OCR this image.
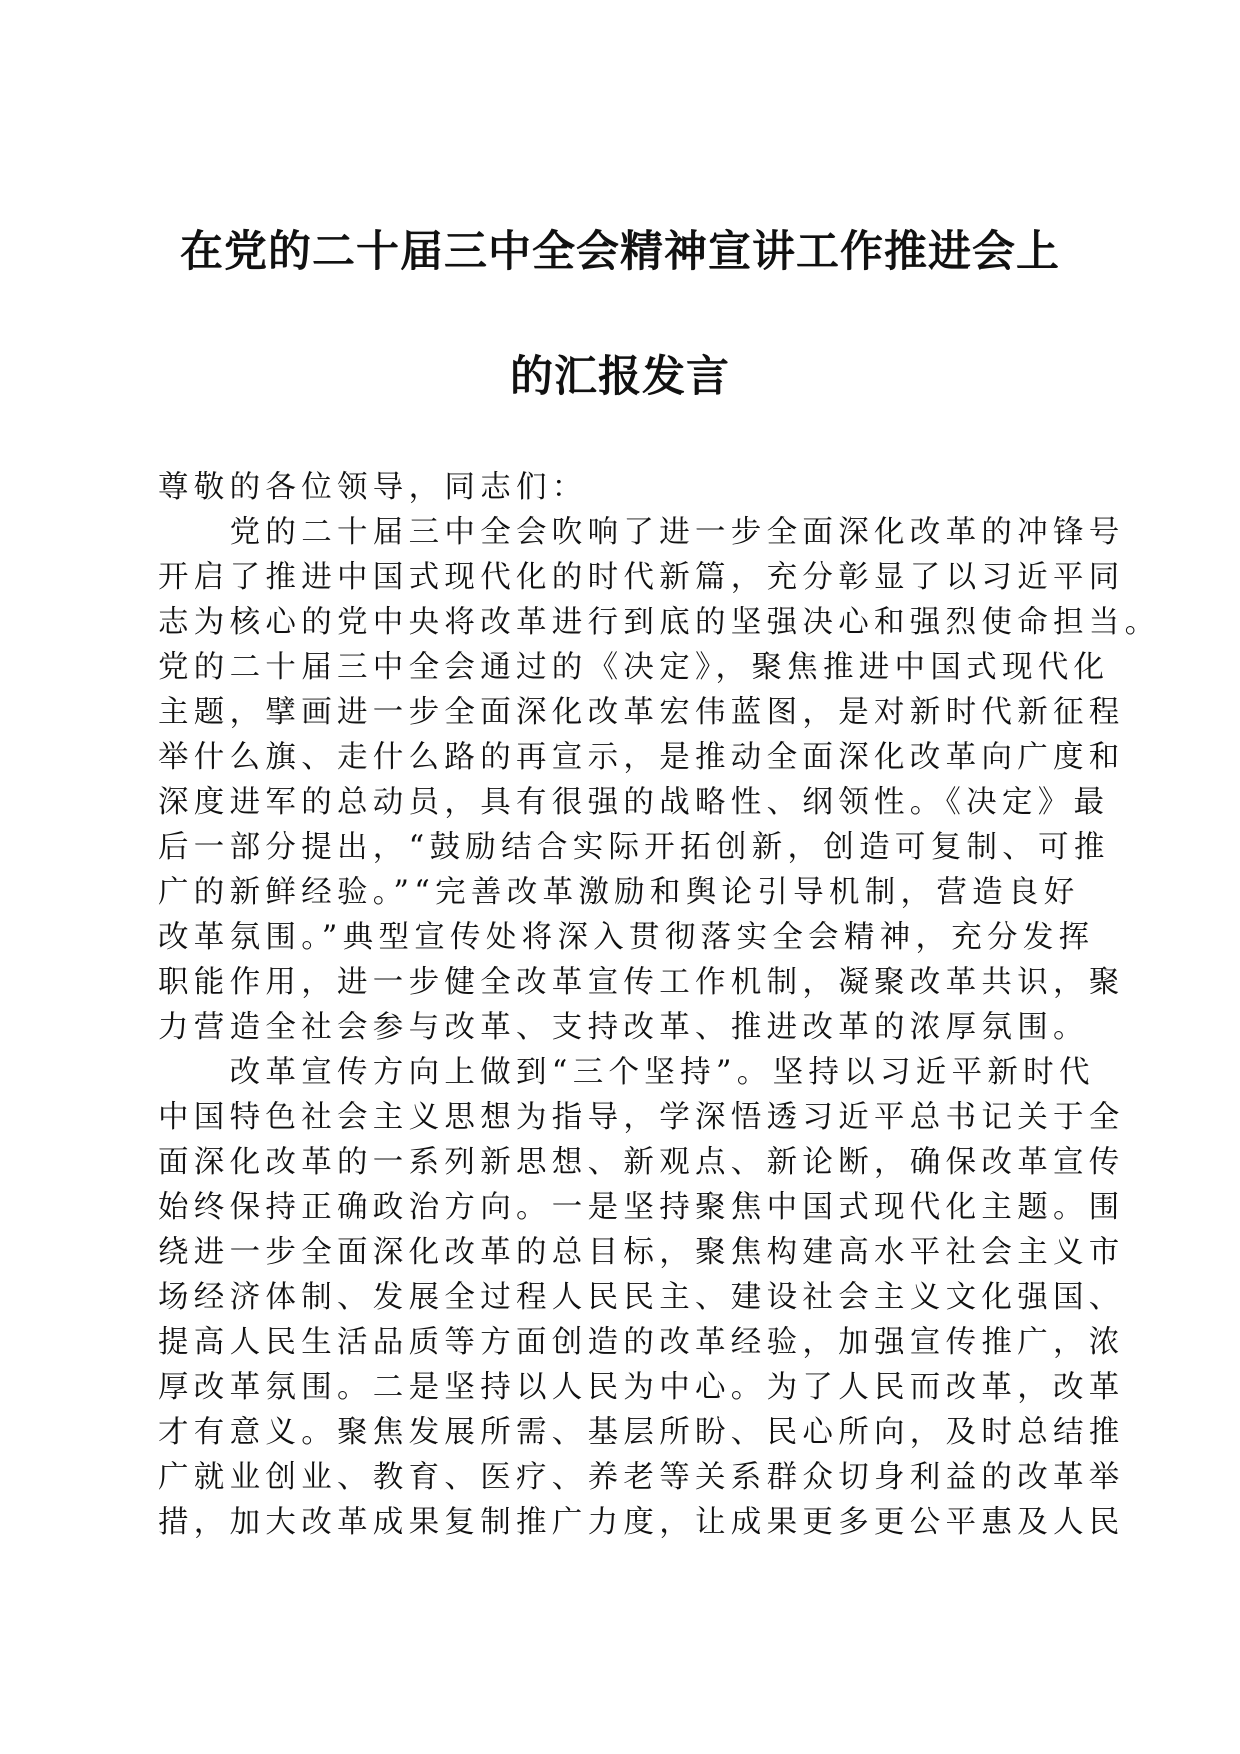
在党的二十届三中全会精神宣讲工作推进会上
的汇报发言
尊敬的各位领导，同志们：
　　党的二十届三中全会吹响了进一步全面深化改革的冲锋号
开启了推进中国式现代化的时代新篇，充分彰显了以习近平同
志为核心的党中央将改革进行到底的坚强决心和强烈使命担当。
党的二十届三中全会通过的《决定》，聚焦推进中国式现代化
主题，擘画进一步全面深化改革宏伟蓝图，是对新时代新征程
举什么旗、走什么路的再宣示，是推动全面深化改革向广度和
深度进军的总动员，具有很强的战略性、纲领性。《决定》最
后一部分提出，“鼓励结合实际开拓创新，创造可复制、可推
广的新鲜经验。”“完善改革激励和舆论引导机制，营造良好
改革氛围。”典型宣传处将深入贯彻落实全会精神，充分发挥
职能作用，进一步健全改革宣传工作机制，凝聚改革共识，聚
力营造全社会参与改革、支持改革、推进改革的浓厚氛围。
　　改革宣传方向上做到“三个坚持”。坚持以习近平新时代
中国特色社会主义思想为指导，学深悟透习近平总书记关于全
面深化改革的一系列新思想、新观点、新论断，确保改革宣传
始终保持正确政治方向。一是坚持聚焦中国式现代化主题。围
绕进一步全面深化改革的总目标，聚焦构建高水平社会主义市
场经济体制、发展全过程人民民主、建设社会主义文化强国、
提高人民生活品质等方面创造的改革经验，加强宣传推广，浓
厚改革氛围。二是坚持以人民为中心。为了人民而改革，改革
才有意义。聚焦发展所需、基层所盼、民心所向，及时总结推
广就业创业、教育、医疗、养老等关系群众切身利益的改革举
措，加大改革成果复制推广力度，让成果更多更公平惠及人民
